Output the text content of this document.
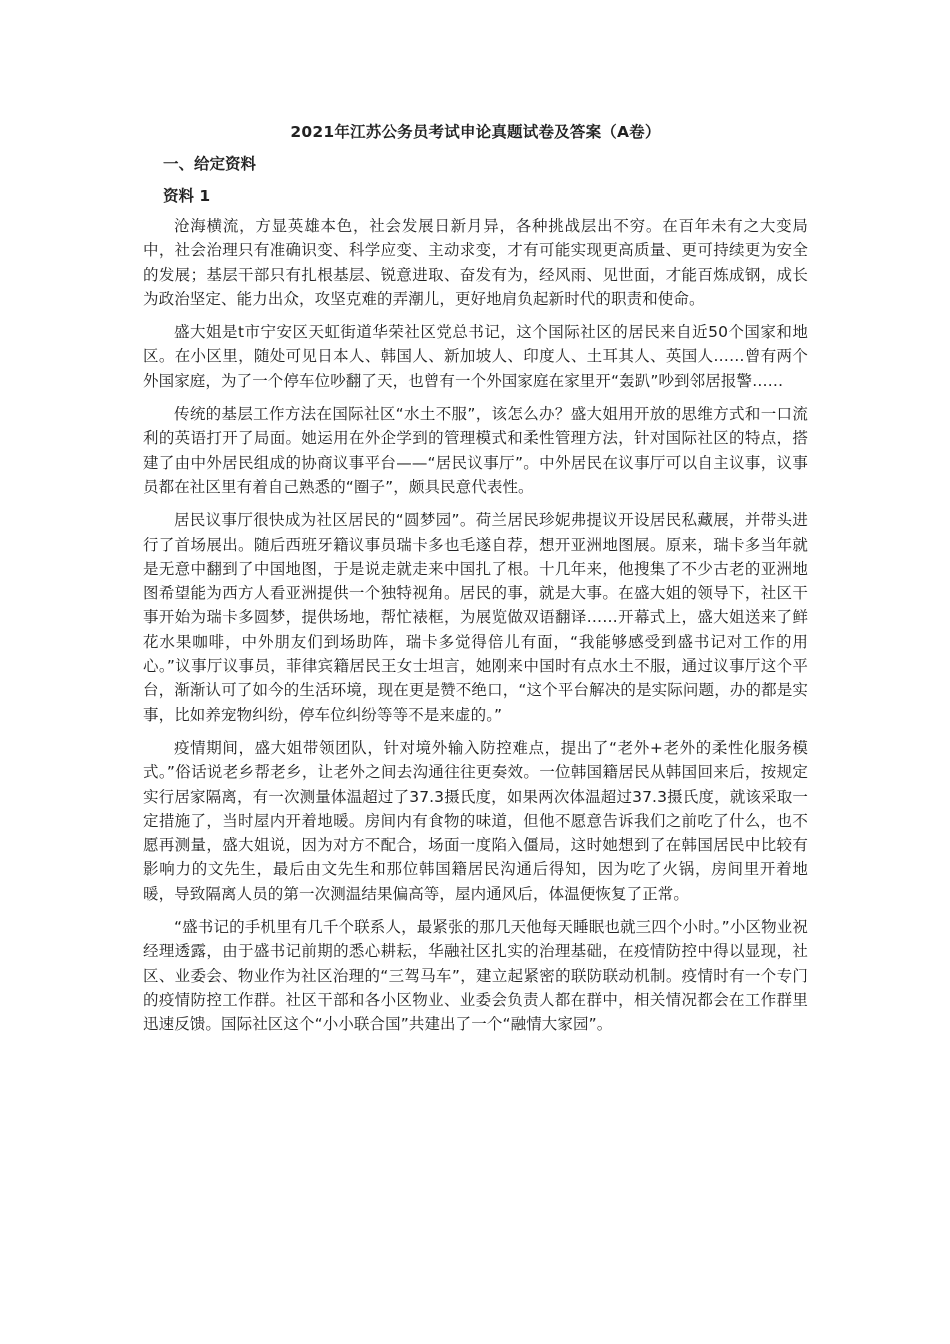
2021年江苏公务员考试申论真题试卷及答案（A卷）
一、给定资料
资料 1

沧海横流，方显英雄本色，社会发展日新月异，各种挑战层出不穷。在百年未有之大变局中，社会治理只有准确识变、科学应变、主动求变，才有可能实现更高质量、更可持续更为安全的发展；基层干部只有扎根基层、锐意进取、奋发有为，经风雨、见世面，才能百炼成钢，成长为政治坚定、能力出众，攻坚克难的弄潮儿，更好地肩负起新时代的职责和使命。

盛大姐是t市宁安区天虹街道华荣社区党总书记，这个国际社区的居民来自近50个国家和地区。在小区里，随处可见日本人、韩国人、新加坡人、印度人、土耳其人、英国人……曾有两个外国家庭，为了一个停车位吵翻了天，也曾有一个外国家庭在家里开“轰趴”吵到邻居报警……

传统的基层工作方法在国际社区“水土不服”，该怎么办？盛大姐用开放的思维方式和一口流利的英语打开了局面。她运用在外企学到的管理模式和柔性管理方法，针对国际社区的特点，搭建了由中外居民组成的协商议事平台——“居民议事厅”。中外居民在议事厅可以自主议事，议事员都在社区里有着自己熟悉的“圈子”，颇具民意代表性。

居民议事厅很快成为社区居民的“圆梦园”。荷兰居民珍妮弗提议开设居民私藏展，并带头进行了首场展出。随后西班牙籍议事员瑞卡多也毛遂自荐，想开亚洲地图展。原来，瑞卡多当年就是无意中翻到了中国地图，于是说走就走来中国扎了根。十几年来，他搜集了不少古老的亚洲地图希望能为西方人看亚洲提供一个独特视角。居民的事，就是大事。在盛大姐的领导下，社区干事开始为瑞卡多圆梦，提供场地，帮忙裱框，为展览做双语翻译……开幕式上，盛大姐送来了鲜花水果咖啡，中外朋友们到场助阵，瑞卡多觉得倍儿有面，“我能够感受到盛书记对工作的用心。”议事厅议事员，菲律宾籍居民王女士坦言，她刚来中国时有点水土不服，通过议事厅这个平台，渐渐认可了如今的生活环境，现在更是赞不绝口，“这个平台解决的是实际问题，办的都是实事，比如养宠物纠纷，停车位纠纷等等不是来虚的。”

疫情期间，盛大姐带领团队，针对境外输入防控难点，提出了“老外+老外的柔性化服务模式。”俗话说老乡帮老乡，让老外之间去沟通往往更奏效。一位韩国籍居民从韩国回来后，按规定实行居家隔离，有一次测量体温超过了37.3摄氏度，如果两次体温超过37.3摄氏度，就该采取一定措施了，当时屋内开着地暖。房间内有食物的味道，但他不愿意告诉我们之前吃了什么，也不愿再测量，盛大姐说，因为对方不配合，场面一度陷入僵局，这时她想到了在韩国居民中比较有影响力的文先生，最后由文先生和那位韩国籍居民沟通后得知，因为吃了火锅，房间里开着地暖，导致隔离人员的第一次测温结果偏高等，屋内通风后，体温便恢复了正常。

“盛书记的手机里有几千个联系人，最紧张的那几天他每天睡眠也就三四个小时。”小区物业祝经理透露，由于盛书记前期的悉心耕耘，华融社区扎实的治理基础，在疫情防控中得以显现，社区、业委会、物业作为社区治理的“三驾马车”，建立起紧密的联防联动机制。疫情时有一个专门的疫情防控工作群。社区干部和各小区物业、业委会负责人都在群中，相关情况都会在工作群里迅速反馈。国际社区这个“小小联合国”共建出了一个“融情大家园”。
